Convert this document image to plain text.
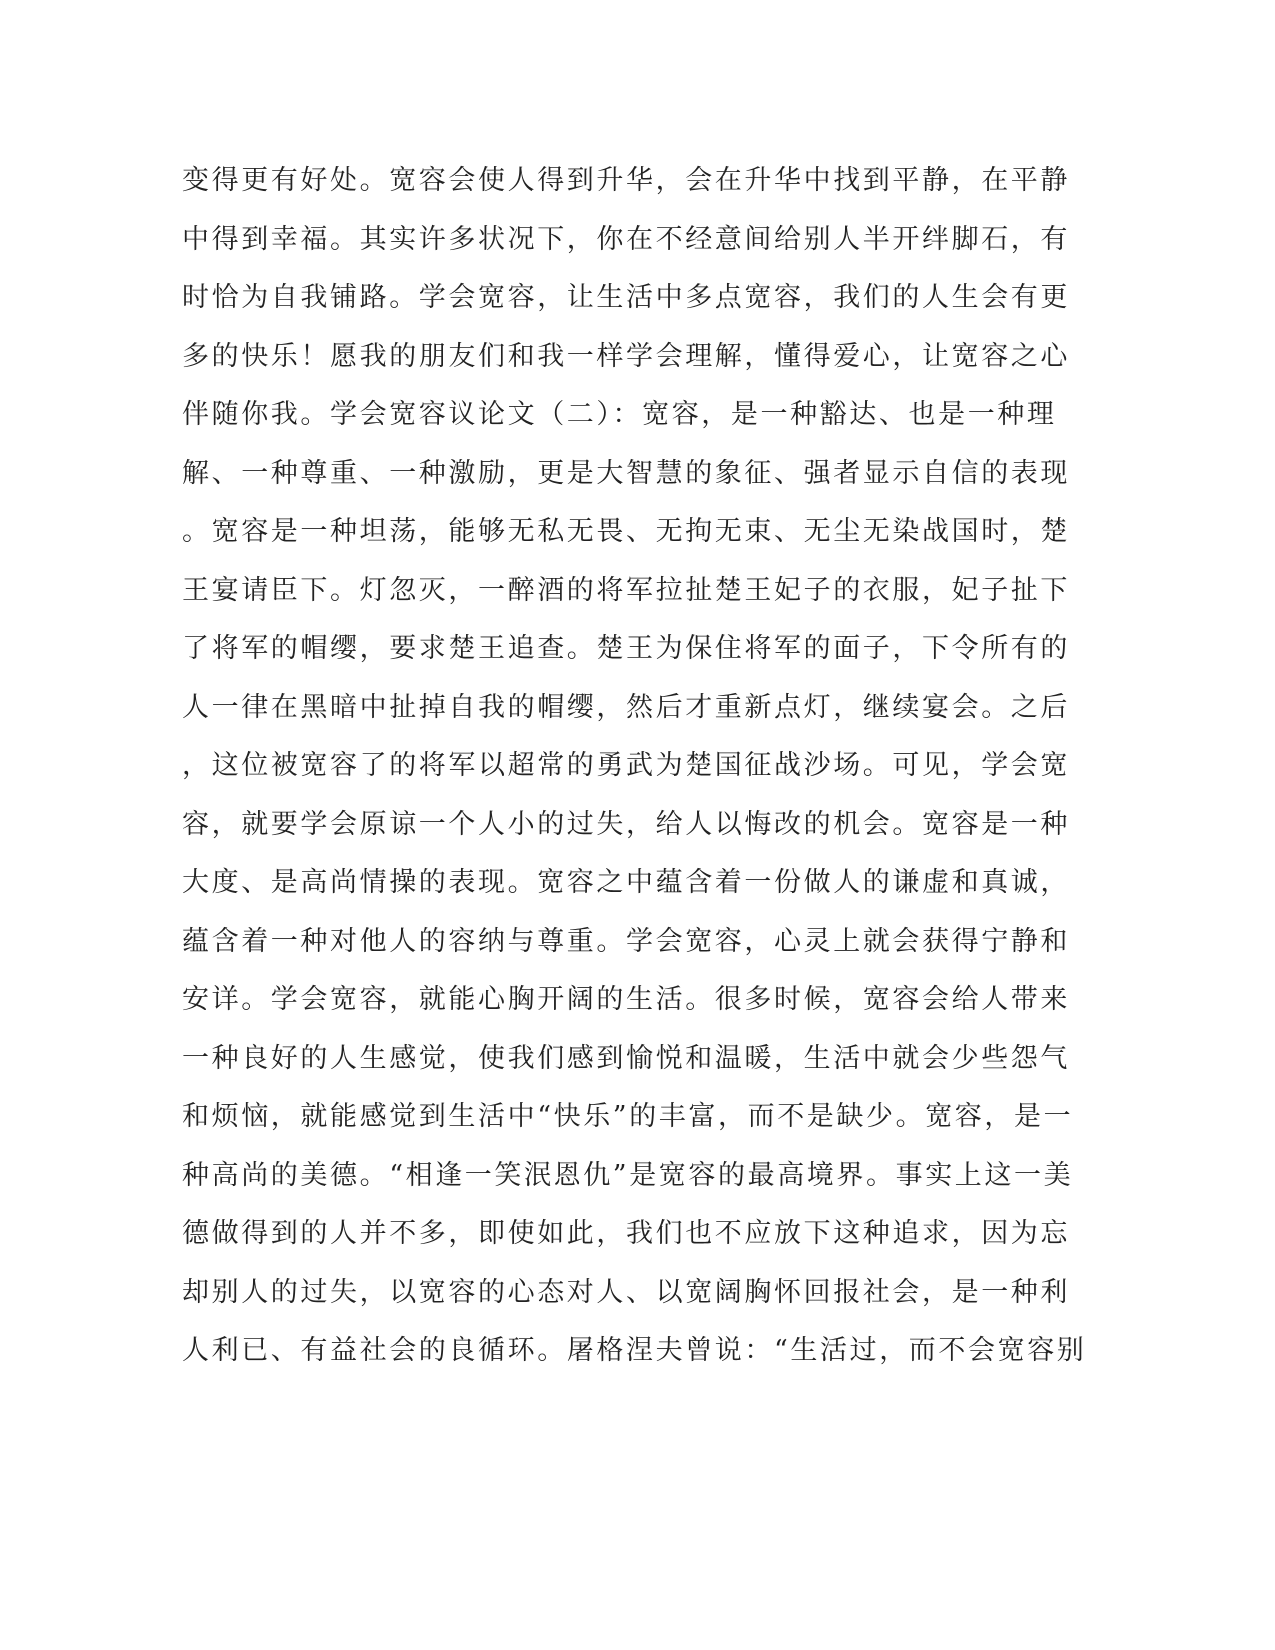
变得更有好处。宽容会使人得到升华，会在升华中找到平静，在平静
中得到幸福。其实许多状况下，你在不经意间给别人半开绊脚石，有
时恰为自我铺路。学会宽容，让生活中多点宽容，我们的人生会有更
多的快乐！愿我的朋友们和我一样学会理解，懂得爱心，让宽容之心
伴随你我。学会宽容议论文（二）：宽容，是一种豁达、也是一种理
解、一种尊重、一种激励，更是大智慧的象征、强者显示自信的表现
。宽容是一种坦荡，能够无私无畏、无拘无束、无尘无染战国时，楚
王宴请臣下。灯忽灭，一醉酒的将军拉扯楚王妃子的衣服，妃子扯下
了将军的帽缨，要求楚王追查。楚王为保住将军的面子，下令所有的
人一律在黑暗中扯掉自我的帽缨，然后才重新点灯，继续宴会。之后
，这位被宽容了的将军以超常的勇武为楚国征战沙场。可见，学会宽
容，就要学会原谅一个人小的过失，给人以悔改的机会。宽容是一种
大度、是高尚情操的表现。宽容之中蕴含着一份做人的谦虚和真诚，
蕴含着一种对他人的容纳与尊重。学会宽容，心灵上就会获得宁静和
安详。学会宽容，就能心胸开阔的生活。很多时候，宽容会给人带来
一种良好的人生感觉，使我们感到愉悦和温暖，生活中就会少些怨气
和烦恼，就能感觉到生活中“快乐”的丰富，而不是缺少。宽容，是一
种高尚的美德。“相逢一笑泯恩仇”是宽容的最高境界。事实上这一美
德做得到的人并不多，即使如此，我们也不应放下这种追求，因为忘
却别人的过失，以宽容的心态对人、以宽阔胸怀回报社会，是一种利
人利已、有益社会的良循环。屠格涅夫曾说：“生活过，而不会宽容别
